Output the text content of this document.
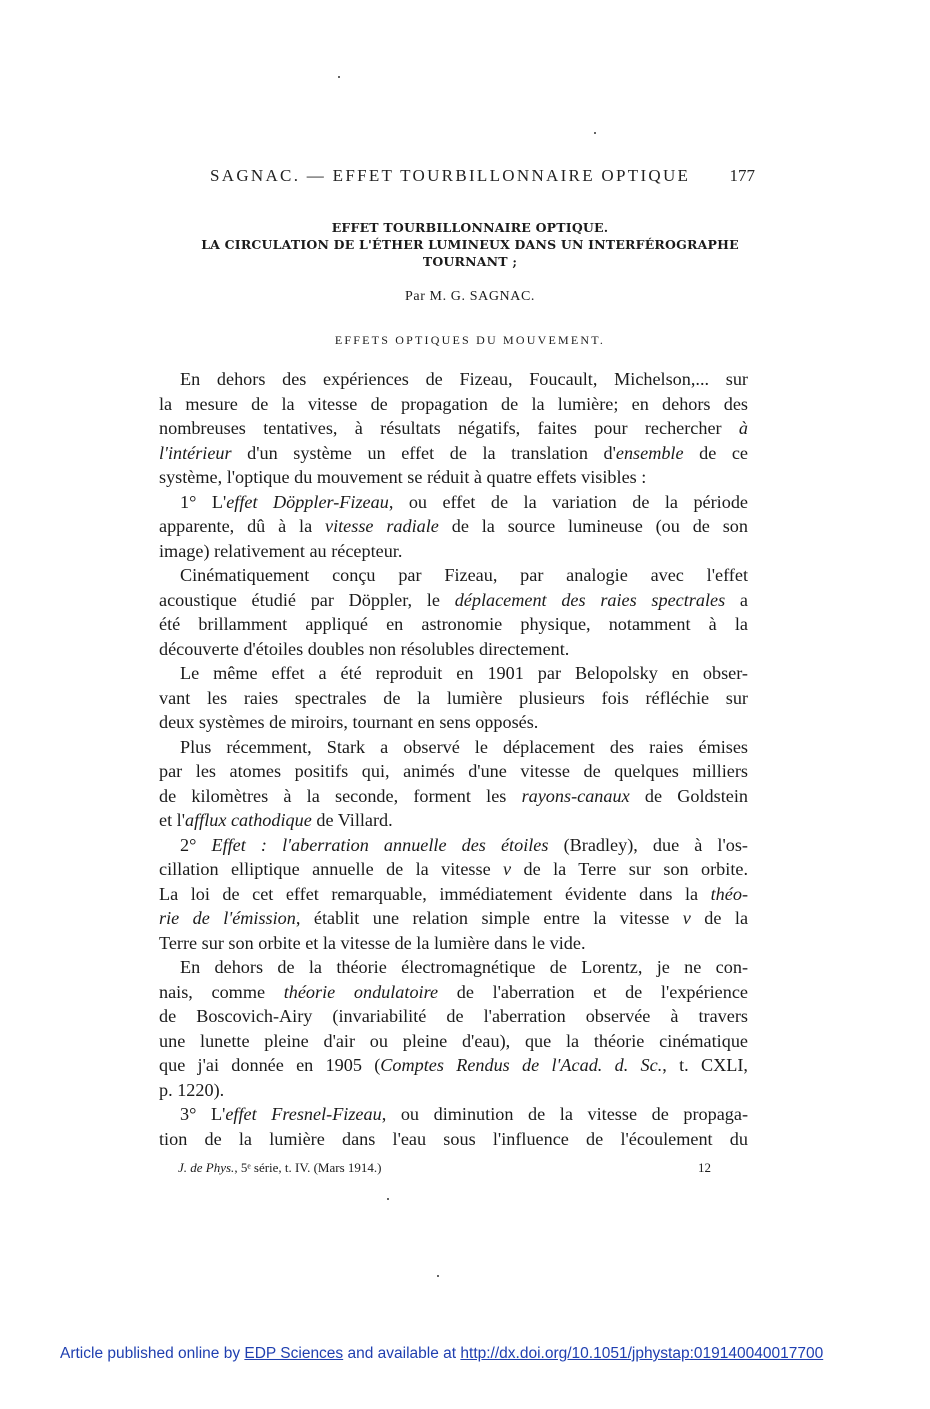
SAGNAC. — EFFET TOURBILLONNAIRE OPTIQUE 177
EFFET TOURBILLONNAIRE OPTIQUE.
LA CIRCULATION DE L'ÉTHER LUMINEUX DANS UN INTERFÉROGRAPHE
TOURNANT ;
Par M. G. SAGNAC.
EFFETS OPTIQUES DU MOUVEMENT.
En dehors des expériences de Fizeau, Foucault, Michelson,... sur
la mesure de la vitesse de propagation de la lumière; en dehors des
nombreuses tentatives, à résultats négatifs, faites pour rechercher à
l'intérieur d'un système un effet de la translation d'ensemble de ce
système, l'optique du mouvement se réduit à quatre effets visibles :
1° L'effet Döppler-Fizeau, ou effet de la variation de la période
apparente, dû à la vitesse radiale de la source lumineuse (ou de son
image) relativement au récepteur.
Cinématiquement conçu par Fizeau, par analogie avec l'effet
acoustique étudié par Döppler, le déplacement des raies spectrales a
été brillamment appliqué en astronomie physique, notamment à la
découverte d'étoiles doubles non résolubles directement.
Le même effet a été reproduit en 1901 par Belopolsky en obser-
vant les raies spectrales de la lumière plusieurs fois réfléchie sur
deux systèmes de miroirs, tournant en sens opposés.
Plus récemment, Stark a observé le déplacement des raies émises
par les atomes positifs qui, animés d'une vitesse de quelques milliers
de kilomètres à la seconde, forment les rayons-canaux de Goldstein
et l'afflux cathodique de Villard.
2° Effet : l'aberration annuelle des étoiles (Bradley), due à l'os-
cillation elliptique annuelle de la vitesse v de la Terre sur son orbite.
La loi de cet effet remarquable, immédiatement évidente dans la théo-
rie de l'émission, établit une relation simple entre la vitesse v de la
Terre sur son orbite et la vitesse de la lumière dans le vide.
En dehors de la théorie électromagnétique de Lorentz, je ne con-
nais, comme théorie ondulatoire de l'aberration et de l'expérience
de Boscovich-Airy (invariabilité de l'aberration observée à travers
une lunette pleine d'air ou pleine d'eau), que la théorie cinématique
que j'ai donnée en 1905 (Comptes Rendus de l'Acad. d. Sc., t. CXLI,
p. 1220).
3° L'effet Fresnel-Fizeau, ou diminution de la vitesse de propaga-
tion de la lumière dans l'eau sous l'influence de l'écoulement du
J. de Phys., 5ᵉ série, t. IV. (Mars 1914.)	12
Article published online by EDP Sciences and available at http://dx.doi.org/10.1051/jphystap:019140040017700
